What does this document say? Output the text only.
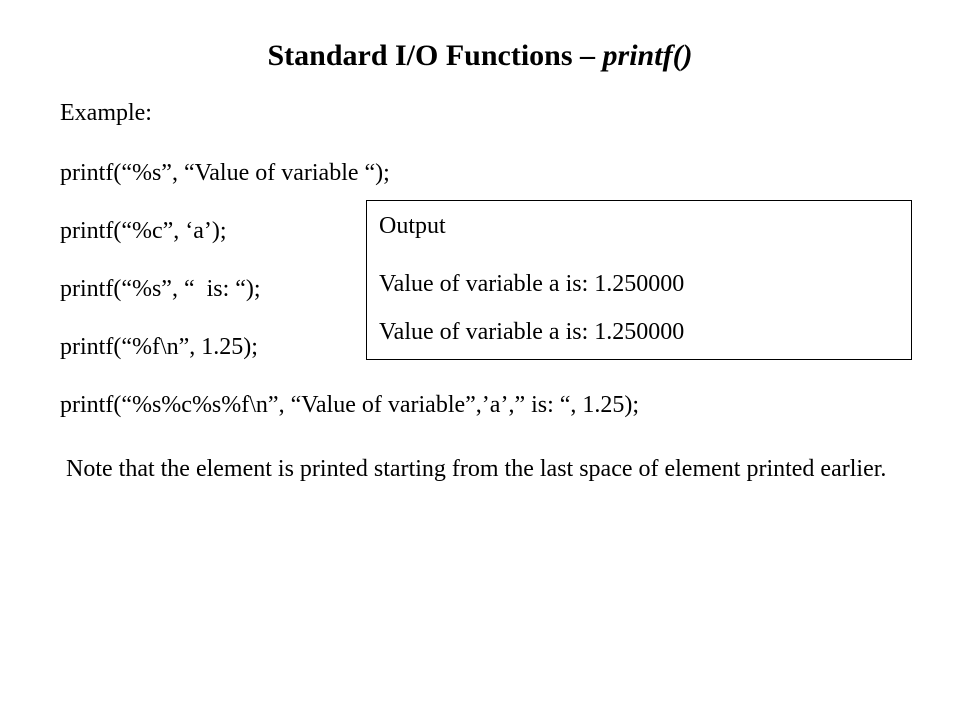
Standard I/O Functions – printf()
Example:
printf(“%s”, “Value of variable “);
printf(“%c”, ‘a’);
printf(“%s”, “  is: “);
printf(“%f\n”, 1.25);
printf(“%s%c%s%f\n”, “Value of variable”,’a’,” is: “, 1.25);
Output
Value of variable a is: 1.250000
Value of variable a is: 1.250000
Note that the element is printed starting from the last space of element printed earlier.
